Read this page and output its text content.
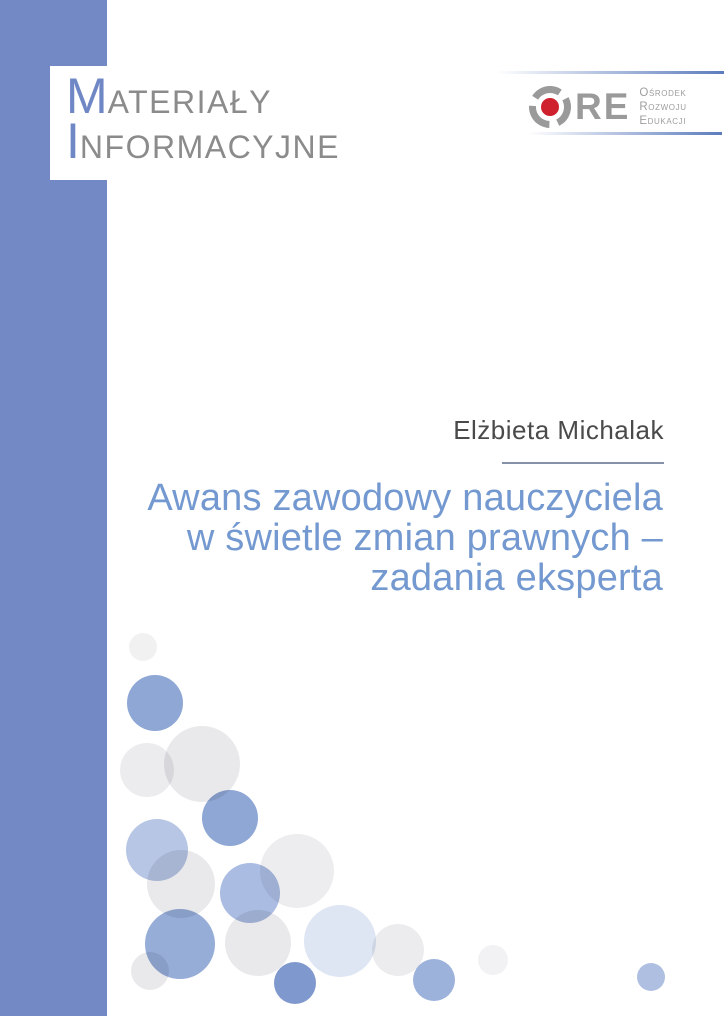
M ATERIAŁY
I NFORMACYJNE
RE Ośrodek
Rozwoju
Edukacji
Elżbieta Michalak
Awans zawodowy nauczyciela
w świetle zmian prawnych –
zadania eksperta
